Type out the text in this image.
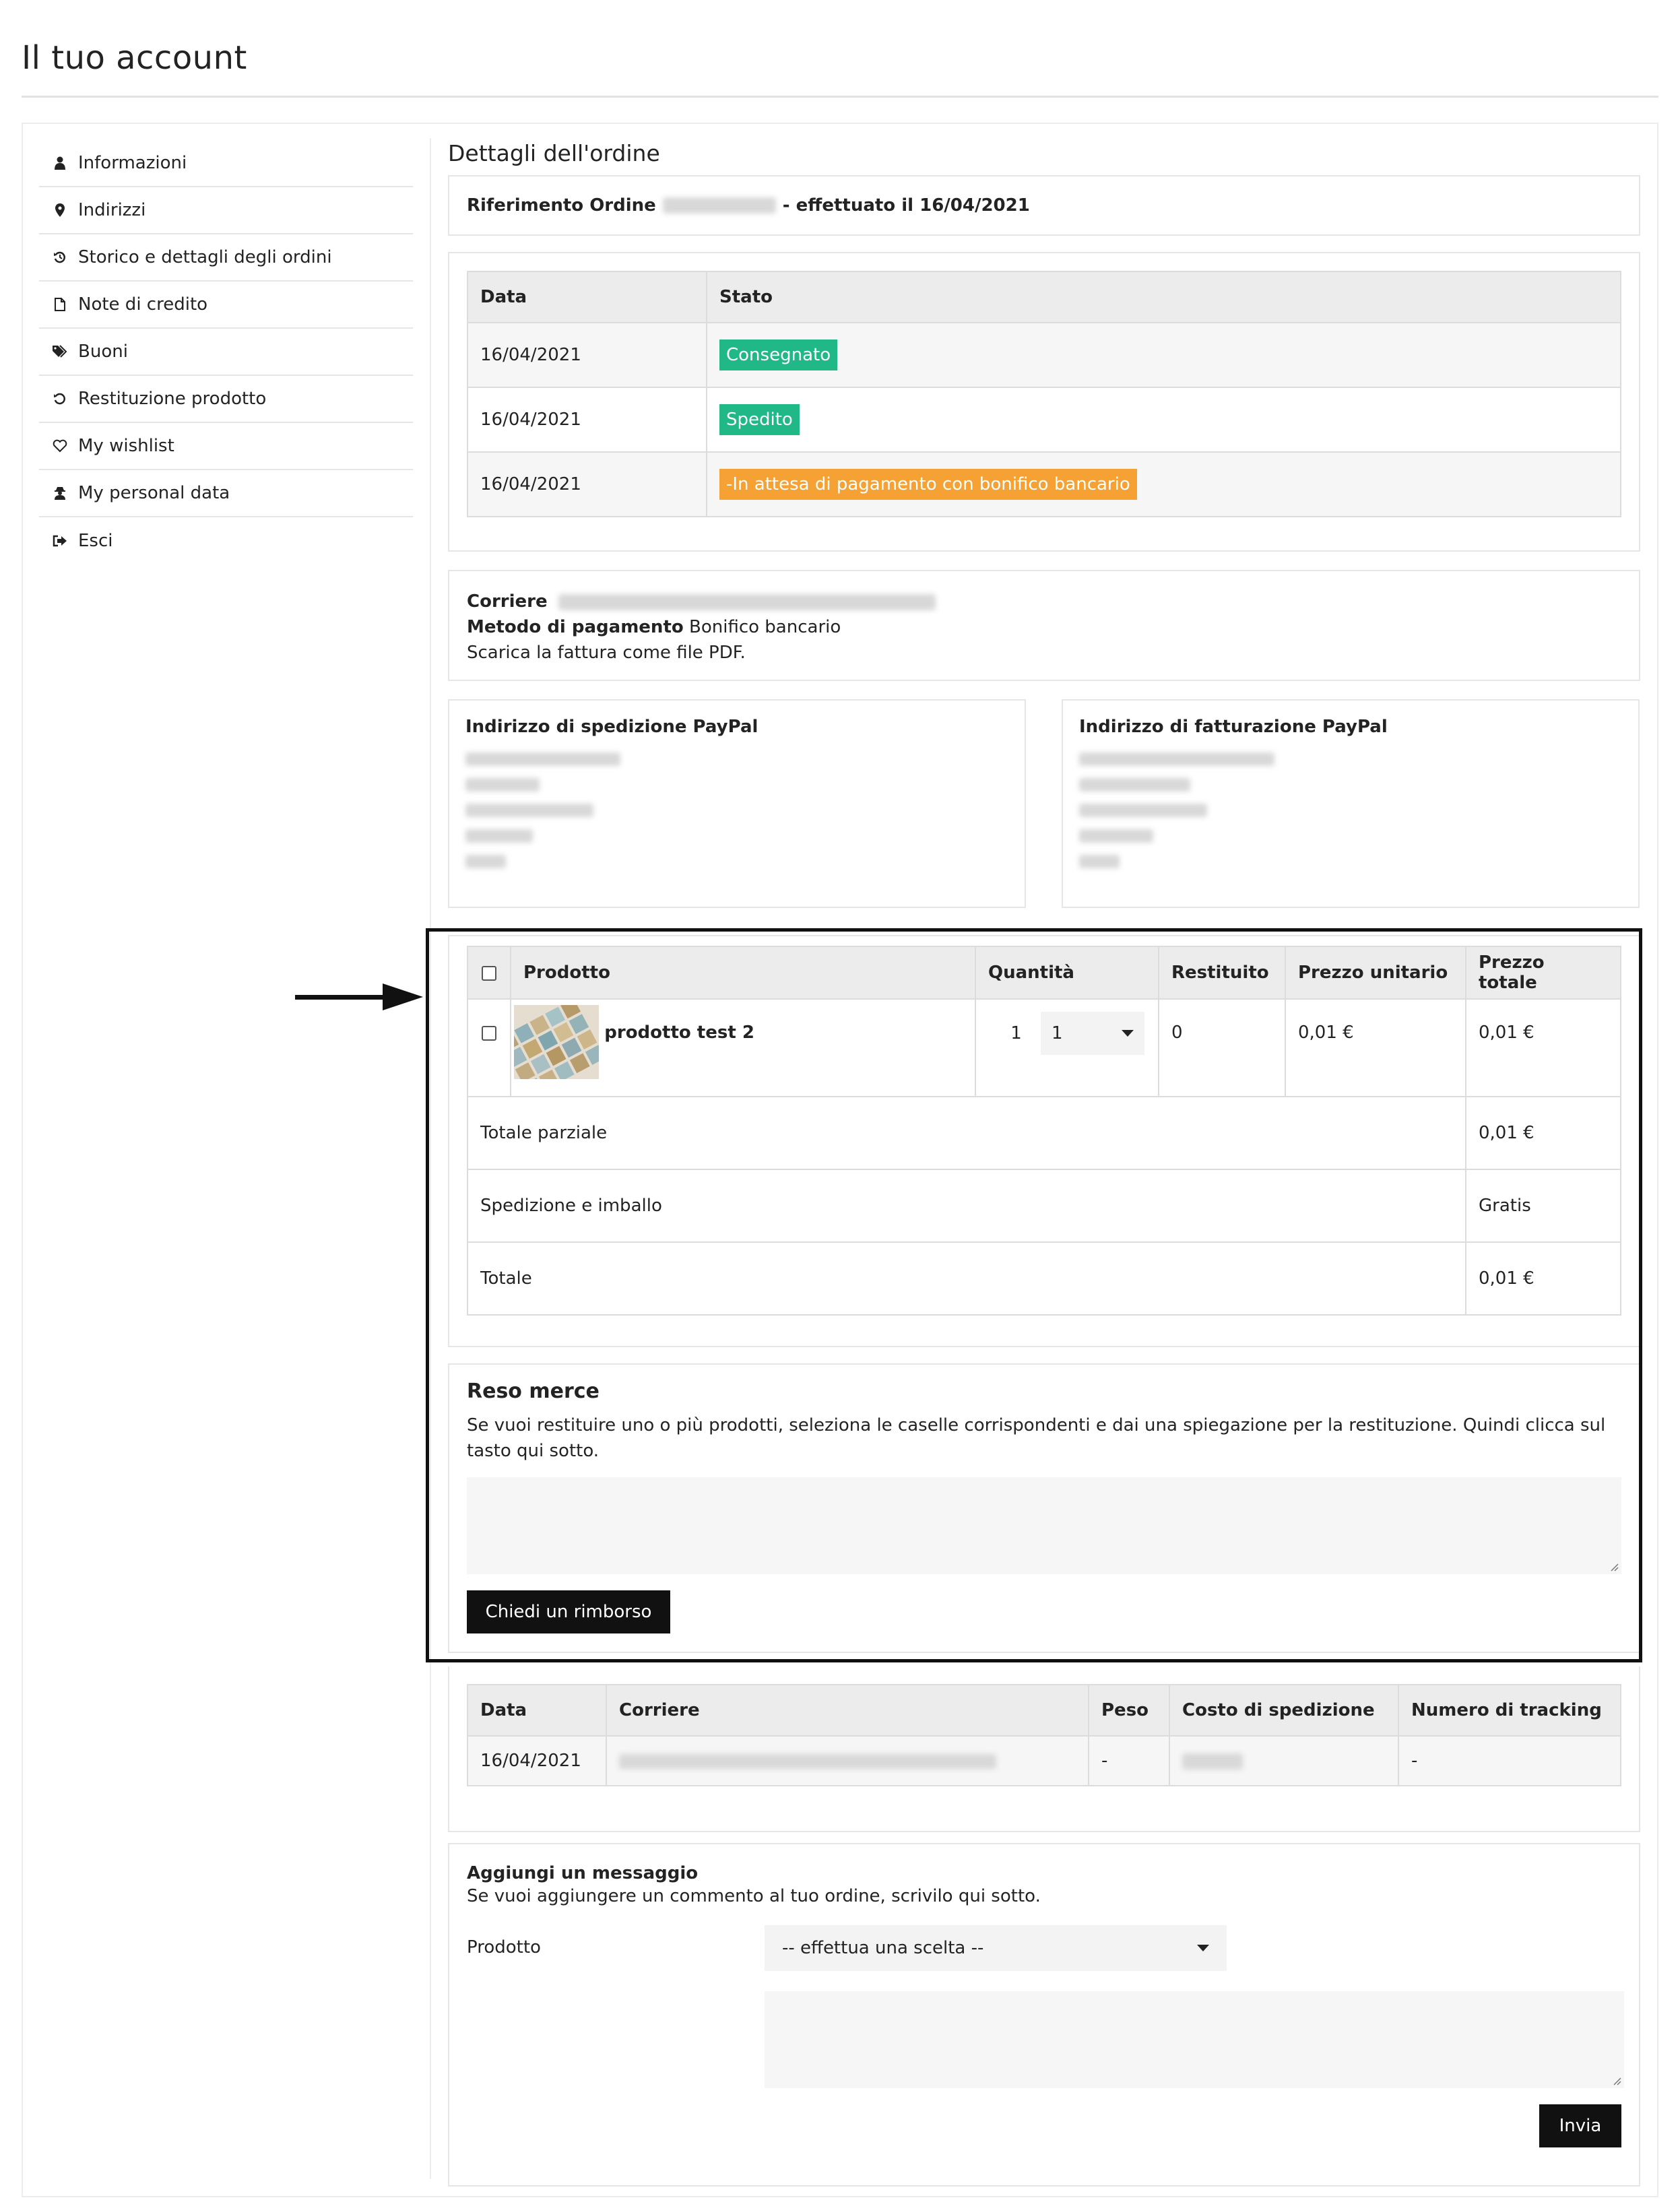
Il tuo account
Informazioni
Indirizzi
Storico e dettagli degli ordini
Note di credito
Buoni
Restituzione prodotto
My wishlist
My personal data
Esci
Dettagli dell'ordine
Riferimento Ordine	- effettuato il 16/04/2021
Data	Stato
16/04/2021	Consegnato
16/04/2021	Spedito
16/04/2021	-In attesa di pagamento con bonifico bancario
Corriere
Metodo di pagamento Bonifico bancario
Scarica la fattura come file PDF.
Indirizzo di spedizione PayPal	Indirizzo di fatturazione PayPal
	Prodotto	Quantità	Restituito	Prezzo unitario	Prezzo totale
	prodotto test 2	1 1	0	0,01 €	0,01 €
Totale parziale					0,01 €
Spedizione e imballo					Gratis
Totale					0,01 €
Reso merce

Se vuoi restituire uno o più prodotti, seleziona le caselle corrispondenti e dai una spiegazione per la restituzione. Quindi clicca sul tasto qui sotto.

Chiedi un rimborso
Data	Corriere	Peso	Costo di spedizione	Numero di tracking
16/04/2021		-		-
Aggiungi un messaggio
Se vuoi aggiungere un commento al tuo ordine, scrivilo qui sotto.
Prodotto	-- effettua una scelta --
Invia
